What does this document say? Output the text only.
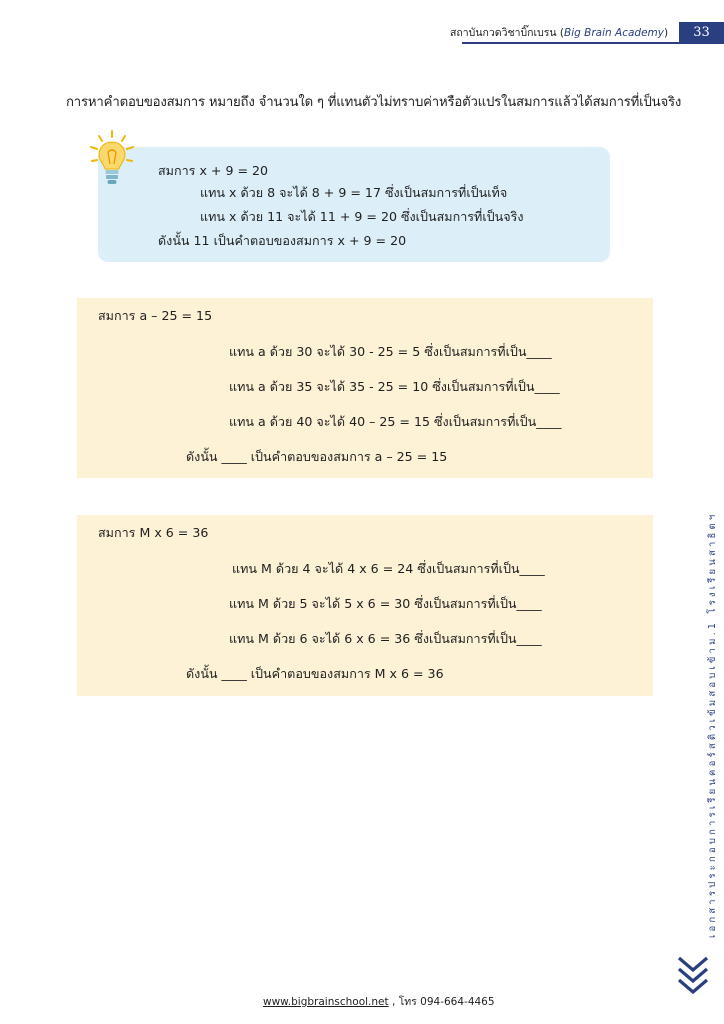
สถาบันกวดวิชาบิ๊กเบรน (Big Brain Academy)	33
การหาคำตอบของสมการ หมายถึง จำนวนใด ๆ ที่แทนตัวไม่ทราบค่าหรือตัวแปรในสมการแล้วได้สมการที่เป็นจริง
สมการ x + 9 = 20
แทน x ด้วย 8 จะได้ 8 + 9 = 17 ซึ่งเป็นสมการที่เป็นเท็จ
แทน x ด้วย 11 จะได้ 11 + 9 = 20 ซึ่งเป็นสมการที่เป็นจริง
ดังนั้น 11 เป็นคำตอบของสมการ x + 9 = 20
สมการ a – 25 = 15
แทน a ด้วย 30 จะได้ 30 - 25 = 5 ซึ่งเป็นสมการที่เป็น____
แทน a ด้วย 35 จะได้ 35 - 25 = 10 ซึ่งเป็นสมการที่เป็น____
แทน a ด้วย 40 จะได้ 40 – 25 = 15 ซึ่งเป็นสมการที่เป็น____
ดังนั้น ____ เป็นคำตอบของสมการ a – 25 = 15
สมการ M x 6 = 36
แทน M ด้วย 4 จะได้ 4 x 6 = 24 ซึ่งเป็นสมการที่เป็น____
แทน M ด้วย 5 จะได้ 5 x 6 = 30 ซึ่งเป็นสมการที่เป็น____
แทน M ด้วย 6 จะได้ 6 x 6 = 36 ซึ่งเป็นสมการที่เป็น____
ดังนั้น ____ เป็นคำตอบของสมการ M x 6 = 36	เอกสารประกอบการเรียนคอร์สติวเข้มสอบเข้าม.1 โรงเรียนสาธิตฯ
www.bigbrainschool.net , โทร 094-664-4465
